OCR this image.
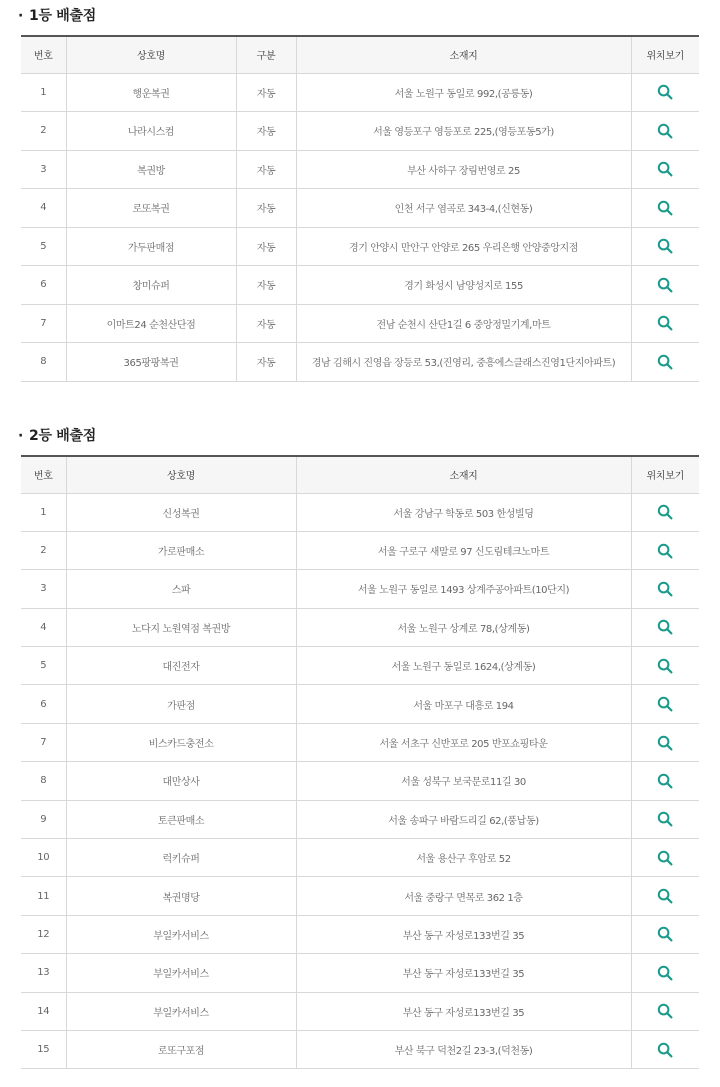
· 1등 배출점
번호	상호명	구분	소재지	위치보기
1	행운복권	자동	서울 노원구 동일로 992,(공릉동)	

2	나라시스컴	자동	서울 영등포구 영등포로 225,(영등포동5가)	

3	복권방	자동	부산 사하구 장림번영로 25	

4	로또복권	자동	인천 서구 염곡로 343-4,(신현동)	

5	가두판매점	자동	경기 안양시 만안구 안양로 265 우리은행 안양중앙지점	

6	창미슈퍼	자동	경기 화성시 남양성지로 155	

7	이마트24 순천산단점	자동	전남 순천시 산단1길 6 중앙정밀기계,마트	

8	365팡팡복권	자동	경남 김해시 진영읍 장등로 53,(진영리, 중흥에스클래스진영1단지아파트)	
· 2등 배출점
번호	상호명	소재지	위치보기
1	신성복권	서울 강남구 학동로 503 한성빌딩	

2	가로판매소	서울 구로구 새말로 97 신도림테크노마트	

3	스파	서울 노원구 동일로 1493 상계주공아파트(10단지)	

4	노다지 노원역점 복권방	서울 노원구 상계로 78,(상계동)	

5	대진전자	서울 노원구 동일로 1624,(상계동)	

6	가판점	서울 마포구 대흥로 194	

7	비스카드충전소	서울 서초구 신반포로 205 반포쇼핑타운	

8	대만상사	서울 성북구 보국문로11길 30	

9	토큰판매소	서울 송파구 바람드리길 62,(풍납동)	

10	럭키슈퍼	서울 용산구 후암로 52	

11	복권명당	서울 중랑구 면목로 362 1층	

12	부일카서비스	부산 동구 자성로133번길 35	

13	부일카서비스	부산 동구 자성로133번길 35	

14	부일카서비스	부산 동구 자성로133번길 35	

15	로또구포점	부산 북구 덕천2길 23-3,(덕천동)	
